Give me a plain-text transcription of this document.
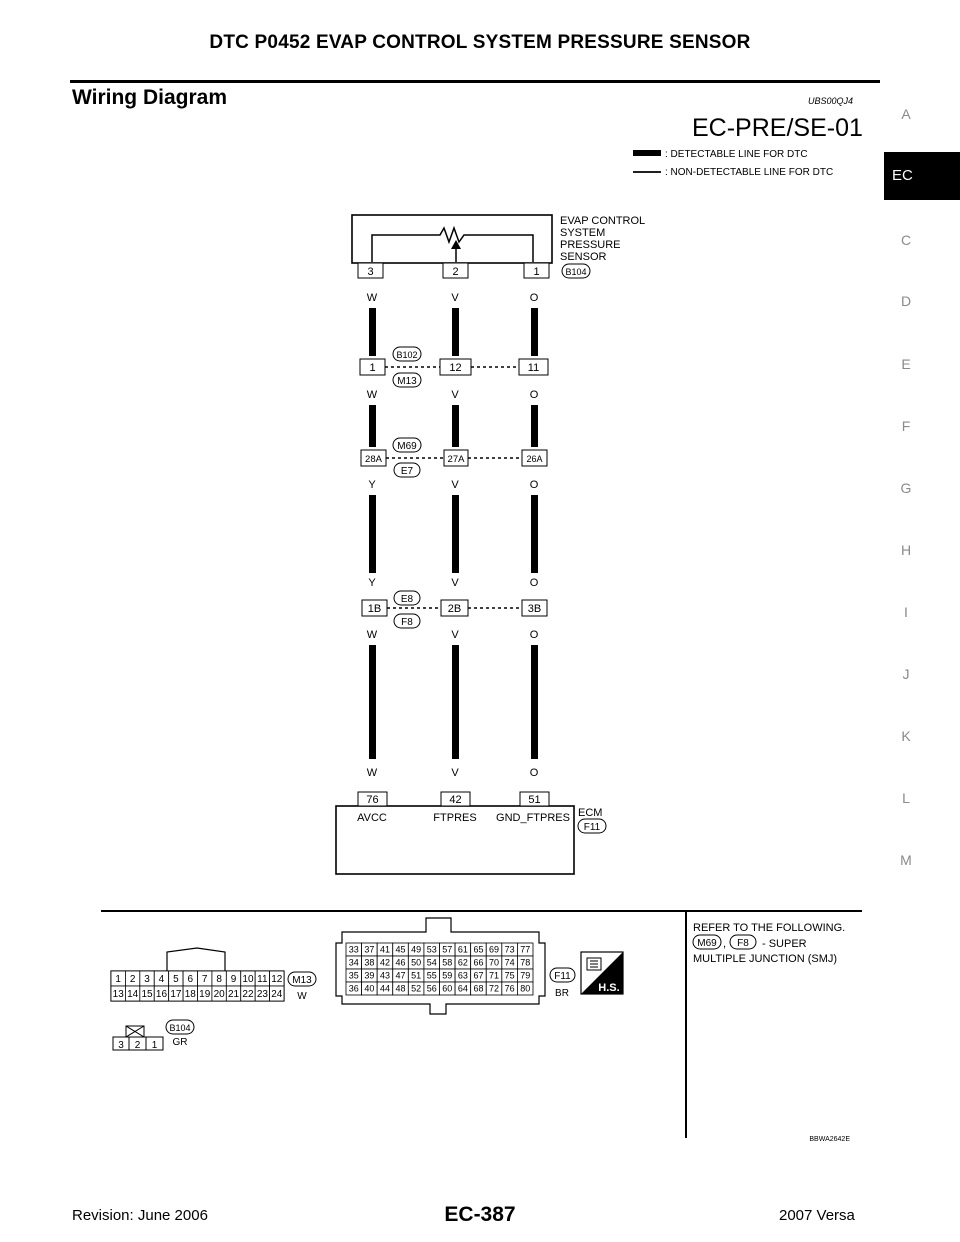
DTC P0452 EVAP CONTROL SYSTEM PRESSURE SENSOR
Wiring Diagram	UBS00QJ4
EC-PRE/SE-01	A
EC
C
D
E
F
G
H
I
J
K
L
M
: DETECTABLE LINE FOR DTC
: NON-DETECTABLE LINE FOR DTC
EVAP CONTROL
SYSTEM
PRESSURE
SENSOR
B104
3	2	1
W	V	O
W	V	O
Y	V	O
Y	V	O
W	V	O
W	V	O
1	12	11
B102
M13
28A	27A	26A
M69
E7
1B	2B	3B
E8
F8
76	42	51
AVCC	FTPRES GND_FTPRES ECM
F11
1 2 3 4 5 6 7 8 9 10 11 12
13 14 15 16 17 18 19 20 21 22 23 24
M13
W
33 37 41 45 49 53 57 61 65 69 73 77
34 38 42 46 50 54 58 62 66 70 74 78
35 39 43 47 51 55 59 63 67 71 75 79
36 40 44 48 52 56 60 64 68 72 76 80
F11
BR	H.S.
3 2 1
B104
GR
REFER TO THE FOLLOWING.
M69 , F8 - SUPER
MULTIPLE JUNCTION (SMJ)
BBWA2642E
Revision: June 2006	EC-387	2007 Versa
